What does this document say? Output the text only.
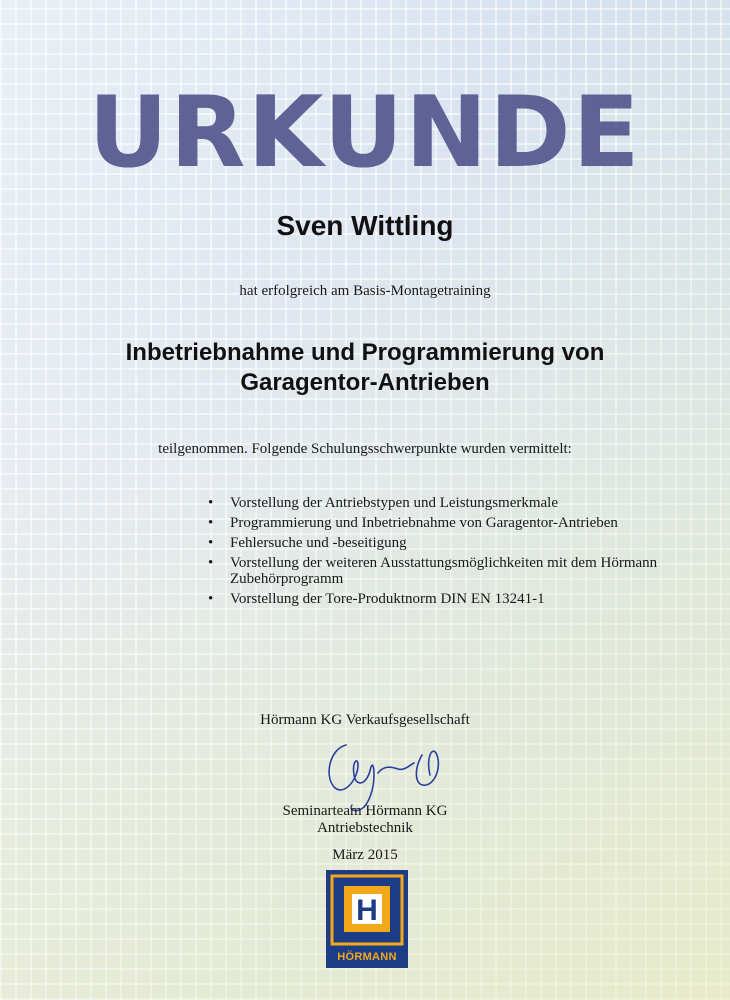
URKUNDE
Sven Wittling
hat erfolgreich am Basis-Montagetraining
Inbetriebnahme und Programmierung von
Garagentor-Antrieben
teilgenommen. Folgende Schulungsschwerpunkte wurden vermittelt:
• Vorstellung der Antriebstypen und Leistungsmerkmale
• Programmierung und Inbetriebnahme von Garagentor-Antrieben
• Fehlersuche und -beseitigung
• Vorstellung der weiteren Ausstattungsmöglichkeiten mit dem Hörmann Zubehörprogramm
• Vorstellung der Tore-Produktnorm DIN EN 13241-1
Hörmann KG Verkaufsgesellschaft
Seminarteam Hörmann KG
Antriebstechnik
März 2015
H
HÖRMANN
